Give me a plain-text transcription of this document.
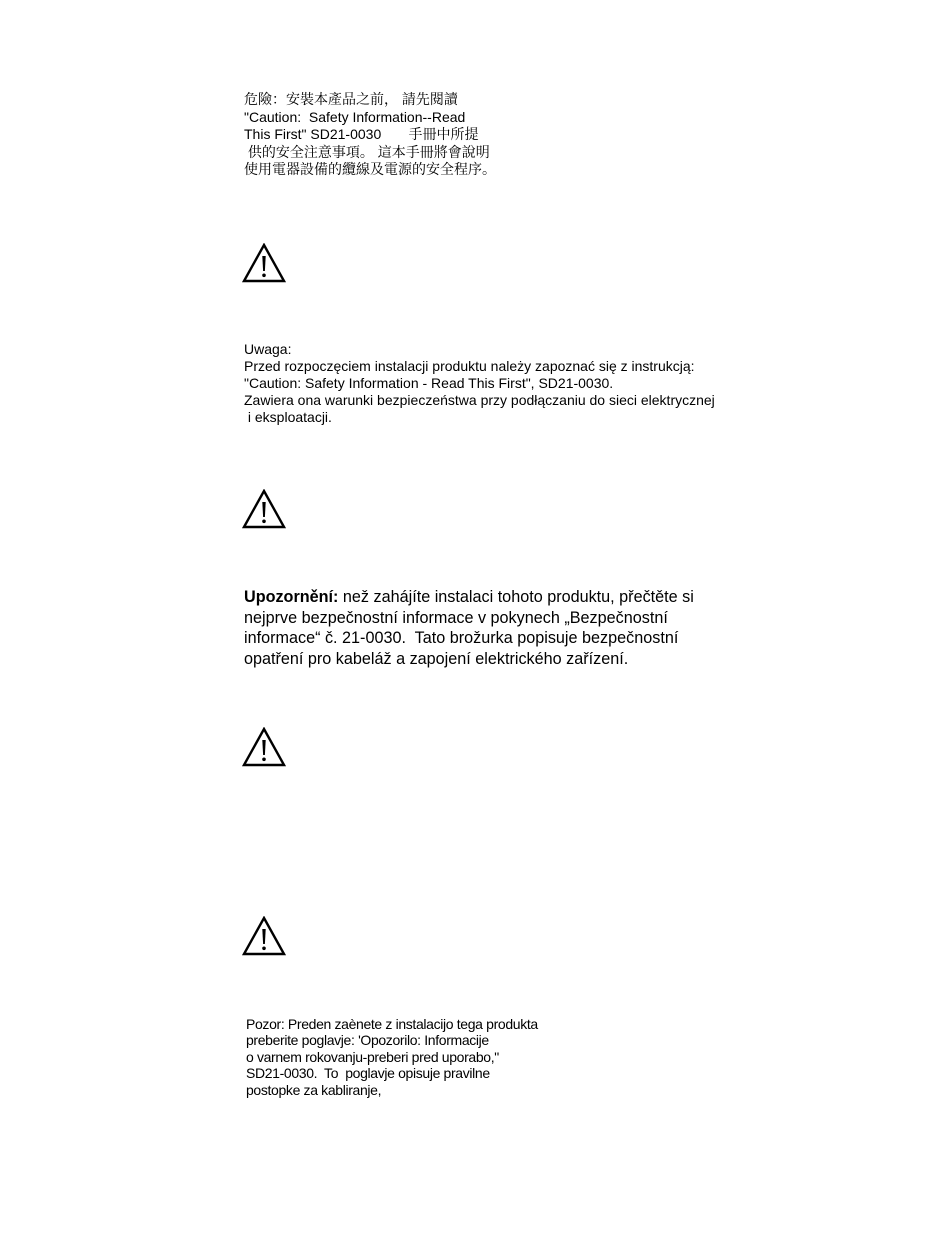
危險：安裝本產品之前， 請先閱讀
"Caution:  Safety Information--Read
This First" SD21-0030       手冊中所提
供的安全注意事項。 這本手冊將會說明
使用電器設備的纜線及電源的安全程序。
Uwaga:
Przed rozpoczęciem instalacji produktu należy zapoznać się z instrukcją:
"Caution: Safety Information - Read This First", SD21-0030.
Zawiera ona warunki bezpieczeństwa przy podłączaniu do sieci elektrycznej
i eksploatacji.
Upozornění: než zahájíte instalaci tohoto produktu, přečtěte si
nejprve bezpečnostní informace v pokynech „Bezpečnostní
informace“ č. 21-0030.  Tato brožurka popisuje bezpečnostní
opatření pro kabeláž a zapojení elektrického zařízení.
Pozor: Preden zaènete z instalacijo tega produkta
preberite poglavje: 'Opozorilo: Informacije
o varnem rokovanju-preberi pred uporabo,"
SD21-0030.  To  poglavje opisuje pravilne
postopke za kabliranje,
